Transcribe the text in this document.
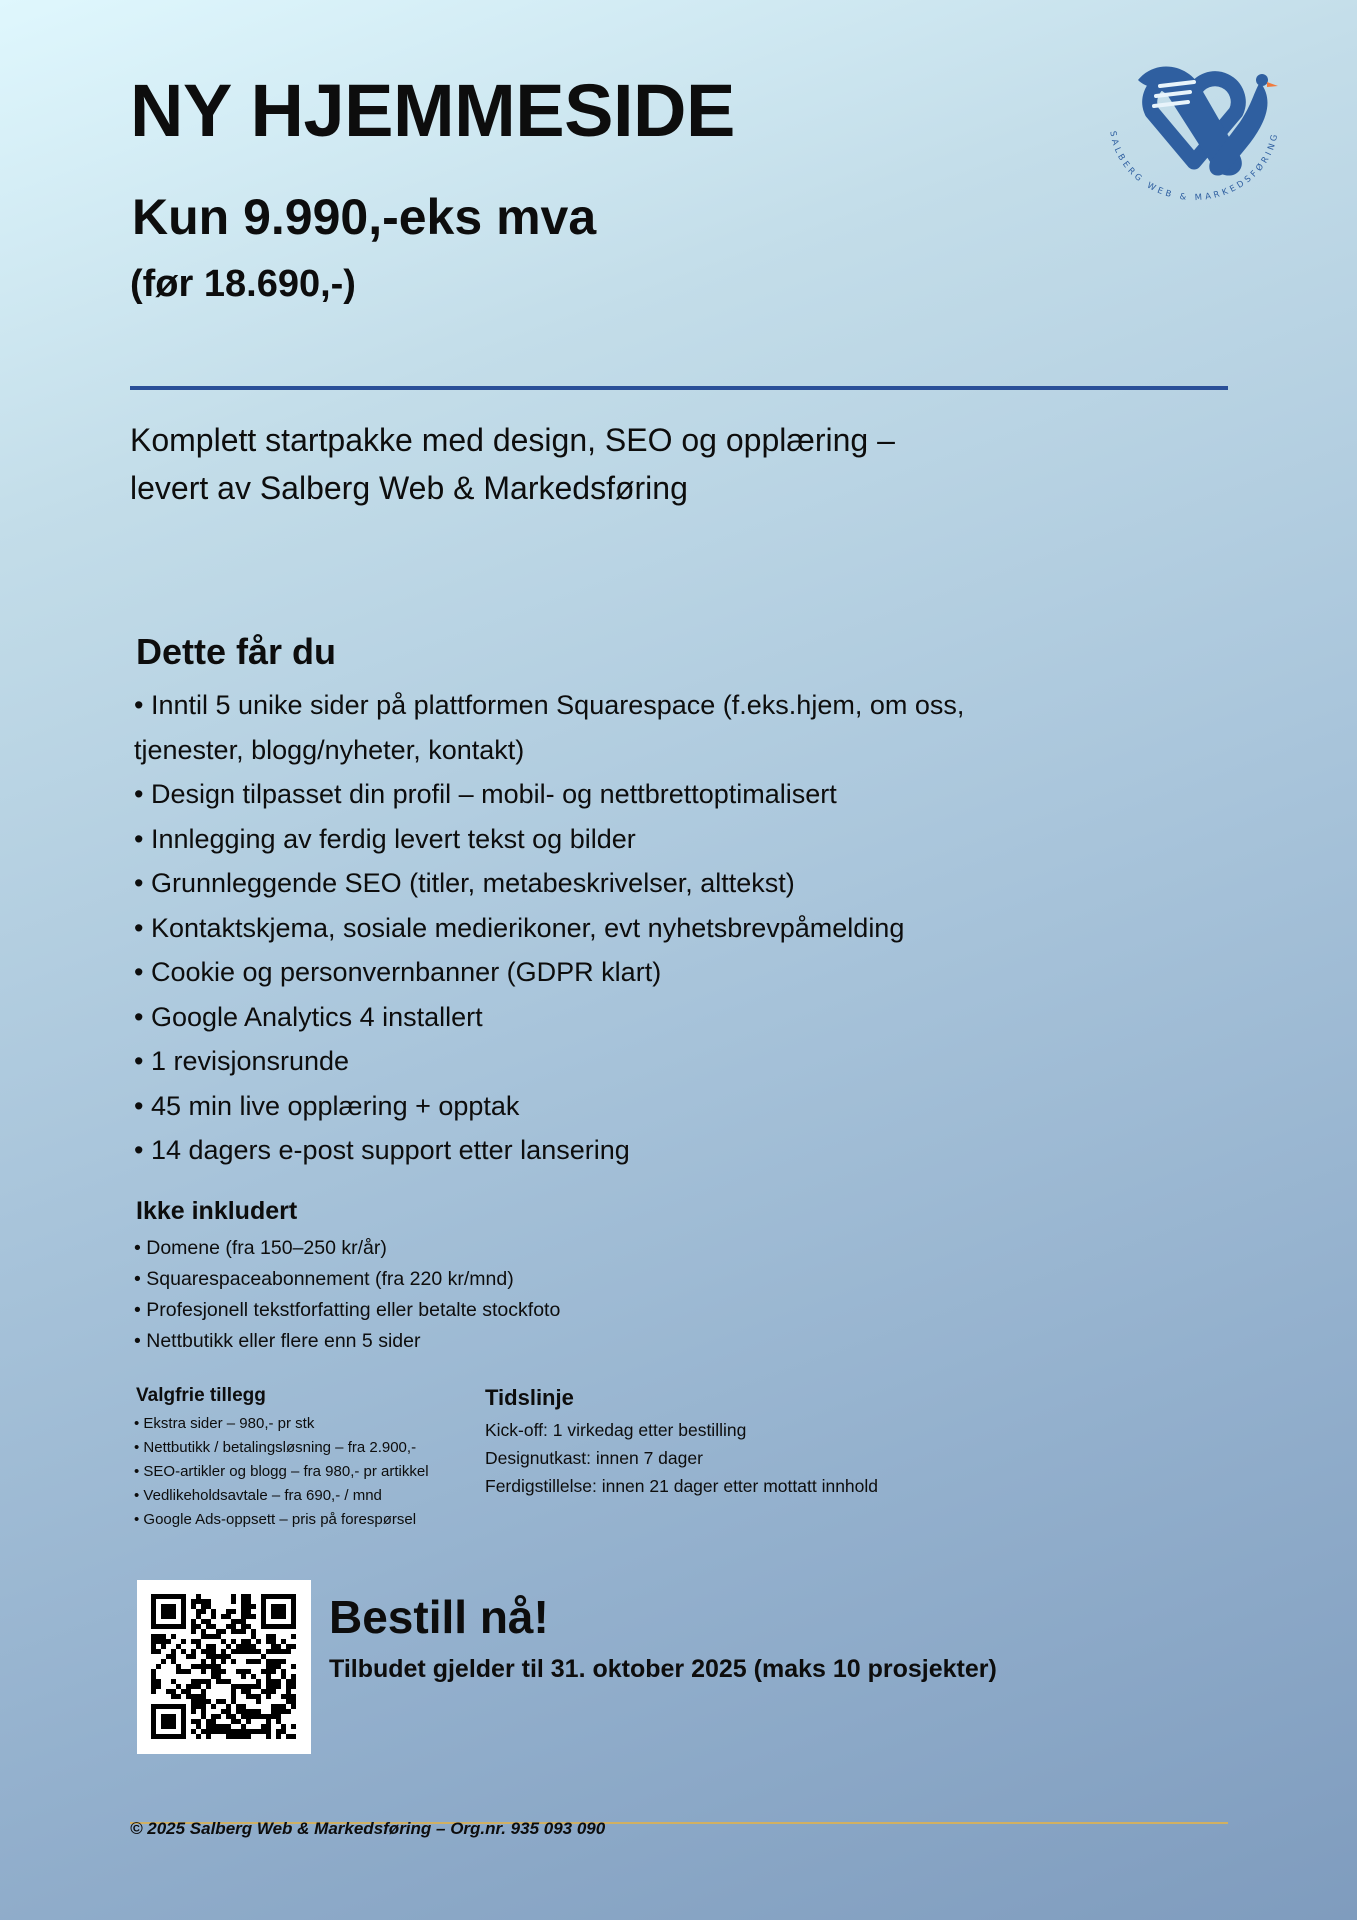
NY HJEMMESIDE
Kun 9.990,-eks mva
(før 18.690,-)
SALBERG WEB & MARKEDSFØRING
Komplett startpakke med design, SEO og opplæring –
levert av Salberg Web & Markedsføring
Dette får du
• Inntil 5 unike sider på plattformen Squarespace (f.eks.hjem, om oss, tjenester, blogg/nyheter, kontakt)
• Design tilpasset din profil – mobil- og nettbrettoptimalisert
• Innlegging av ferdig levert tekst og bilder
• Grunnleggende SEO (titler, metabeskrivelser, alttekst)
• Kontaktskjema, sosiale medierikoner, evt nyhetsbrevpåmelding
• Cookie og personvernbanner (GDPR klart)
• Google Analytics 4 installert
• 1 revisjonsrunde
• 45 min live opplæring + opptak
• 14 dagers e-post support etter lansering
Ikke inkludert
• Domene (fra 150–250 kr/år)
• Squarespaceabonnement (fra 220 kr/mnd)
• Profesjonell tekstforfatting eller betalte stockfoto
• Nettbutikk eller flere enn 5 sider
Valgfrie tillegg
• Ekstra sider – 980,- pr stk
• Nettbutikk / betalingsløsning – fra 2.900,-
• SEO-artikler og blogg – fra 980,- pr artikkel
• Vedlikeholdsavtale – fra 690,- / mnd
• Google Ads-oppsett – pris på forespørsel
Tidslinje
Kick-off: 1 virkedag etter bestilling
Designutkast: innen 7 dager
Ferdigstillelse: innen 21 dager etter mottatt innhold
Bestill nå!
Tilbudet gjelder til 31. oktober 2025 (maks 10 prosjekter)
© 2025 Salberg Web & Markedsføring – Org.nr. 935 093 090
